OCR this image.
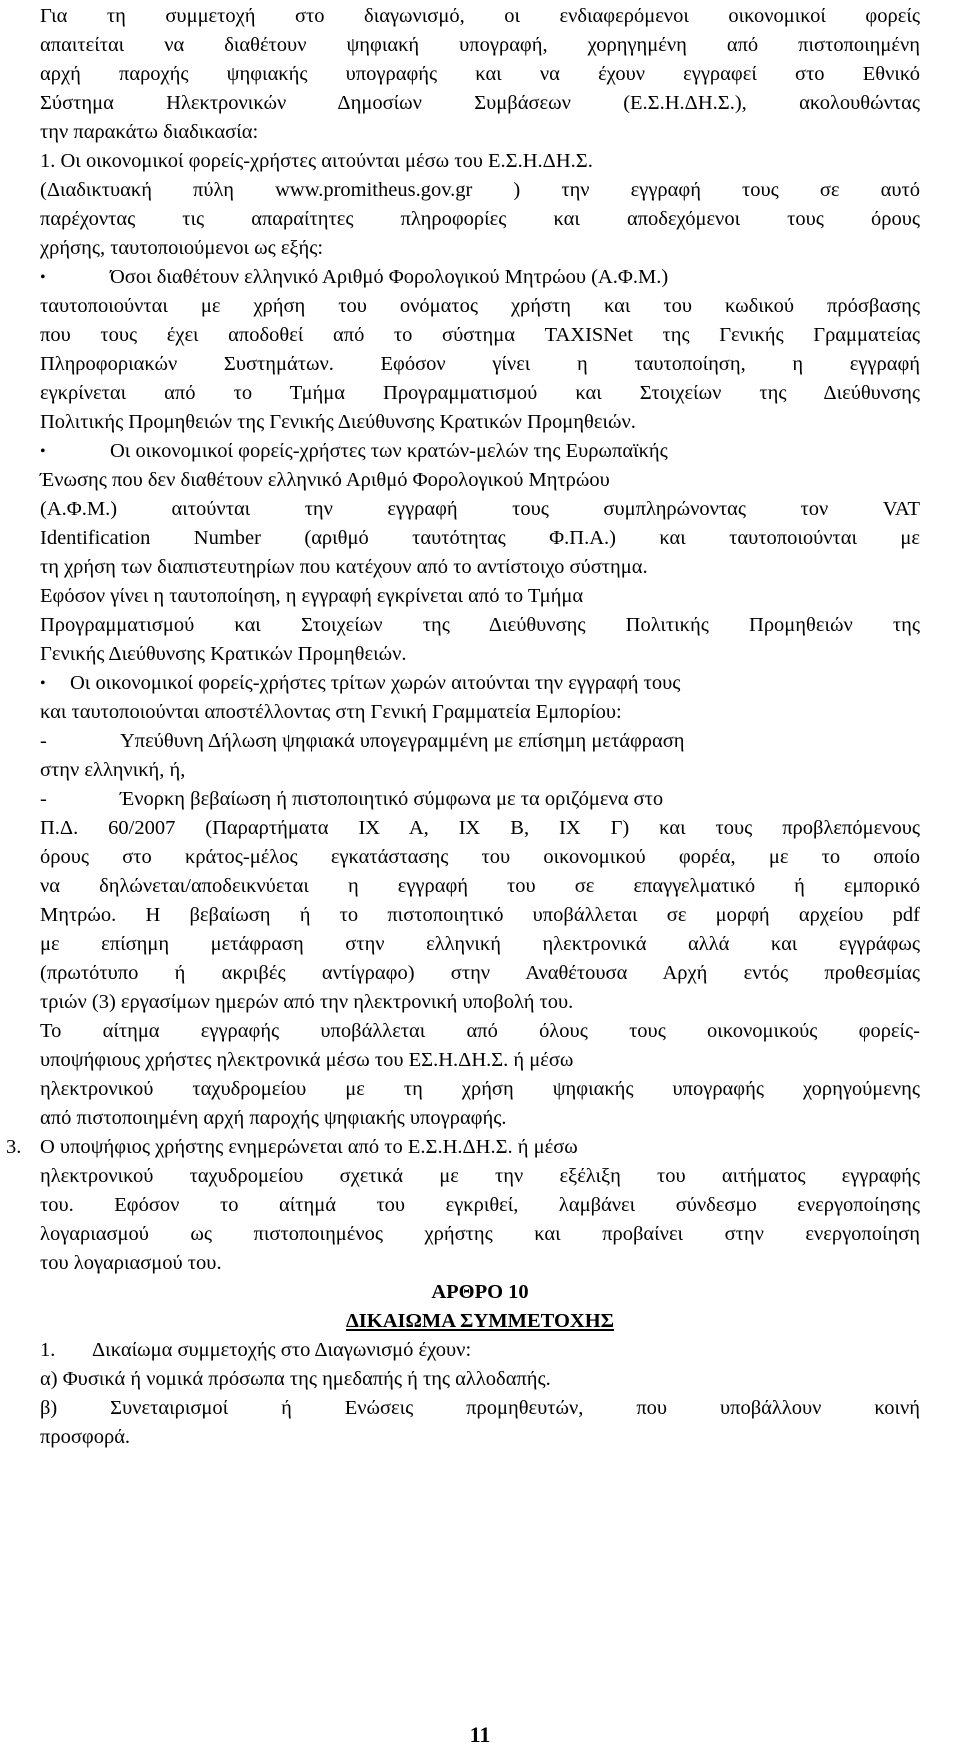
Για τη συμμετοχή στο διαγωνισμό, οι ενδιαφερόμενοι οικονομικοί φορείς
απαιτείται να διαθέτουν ψηφιακή υπογραφή, χορηγημένη από πιστοποιημένη
αρχή παροχής ψηφιακής υπογραφής και να έχουν εγγραφεί στο Εθνικό
Σύστημα Ηλεκτρονικών Δημοσίων Συμβάσεων (Ε.Σ.Η.ΔΗ.Σ.), ακολουθώντας
την παρακάτω διαδικασία:
1. Οι οικονομικοί φορείς-χρήστες αιτούνται μέσω του Ε.Σ.Η.ΔΗ.Σ.
(Διαδικτυακή πύλη www.promitheus.gov.gr ) την εγγραφή τους σε αυτό
παρέχοντας τις απαραίτητες πληροφορίες και αποδεχόμενοι τους όρους
χρήσης, ταυτοποιούμενοι ως εξής:
•	Όσοι διαθέτουν ελληνικό Αριθμό Φορολογικού Μητρώου (Α.Φ.Μ.)
ταυτοποιούνται με χρήση του ονόματος χρήστη και του κωδικού πρόσβασης
που τους έχει αποδοθεί από το σύστημα TAXISNet της Γενικής Γραμματείας
Πληροφοριακών Συστημάτων. Εφόσον γίνει η ταυτοποίηση, η εγγραφή
εγκρίνεται από το Τμήμα Προγραμματισμού και Στοιχείων της Διεύθυνσης
Πολιτικής Προμηθειών της Γενικής Διεύθυνσης Κρατικών Προμηθειών.
•	Οι οικονομικοί φορείς-χρήστες των κρατών-μελών της Ευρωπαϊκής
Ένωσης που δεν διαθέτουν ελληνικό Αριθμό Φορολογικού Μητρώου
(Α.Φ.Μ.) αιτούνται την εγγραφή τους συμπληρώνοντας τον VAT
Identification Number (αριθμό ταυτότητας Φ.Π.Α.) και ταυτοποιούνται με
τη χρήση των διαπιστευτηρίων που κατέχουν από το αντίστοιχο σύστημα.
Εφόσον γίνει η ταυτοποίηση, η εγγραφή εγκρίνεται από το Τμήμα
Προγραμματισμού και Στοιχείων της Διεύθυνσης Πολιτικής Προμηθειών της
Γενικής Διεύθυνσης Κρατικών Προμηθειών.
• Οι οικονομικοί φορείς-χρήστες τρίτων χωρών αιτούνται την εγγραφή τους
και ταυτοποιούνται αποστέλλοντας στη Γενική Γραμματεία Εμπορίου:
-	Υπεύθυνη Δήλωση ψηφιακά υπογεγραμμένη με επίσημη μετάφραση
στην ελληνική, ή,
-	Ένορκη βεβαίωση ή πιστοποιητικό σύμφωνα με τα οριζόμενα στο
Π.Δ. 60/2007 (Παραρτήματα IX A, IX B, IX Γ) και τους προβλεπόμενους
όρους στο κράτος-μέλος εγκατάστασης του οικονομικού φορέα, με το οποίο
να δηλώνεται/αποδεικνύεται η εγγραφή του σε επαγγελματικό ή εμπορικό
Μητρώο. Η βεβαίωση ή το πιστοποιητικό υποβάλλεται σε μορφή αρχείου pdf
με επίσημη μετάφραση στην ελληνική ηλεκτρονικά αλλά και εγγράφως
(πρωτότυπο ή ακριβές αντίγραφο) στην Αναθέτουσα Αρχή εντός προθεσμίας
τριών (3) εργασίμων ημερών από την ηλεκτρονική υποβολή του.
Το αίτημα εγγραφής υποβάλλεται από όλους τους οικονομικούς φορείς-
υποψήφιους χρήστες ηλεκτρονικά μέσω του ΕΣ.Η.ΔΗ.Σ. ή μέσω
ηλεκτρονικού ταχυδρομείου με τη χρήση ψηφιακής υπογραφής χορηγούμενης
από πιστοποιημένη αρχή παροχής ψηφιακής υπογραφής.
3. Ο υποψήφιος χρήστης ενημερώνεται από το Ε.Σ.Η.ΔΗ.Σ. ή μέσω
ηλεκτρονικού ταχυδρομείου σχετικά με την εξέλιξη του αιτήματος εγγραφής
του. Εφόσον το αίτημά του εγκριθεί, λαμβάνει σύνδεσμο ενεργοποίησης
λογαριασμού ως πιστοποιημένος χρήστης και προβαίνει στην ενεργοποίηση
του λογαριασμού του.
ΑΡΘΡΟ 10
ΔΙΚΑΙΩΜΑ ΣΥΜΜΕΤΟΧΗΣ
1. Δικαίωμα συμμετοχής στο Διαγωνισμό έχουν:
α) Φυσικά ή νομικά πρόσωπα της ημεδαπής ή της αλλοδαπής.
β) Συνεταιρισμοί ή Ενώσεις προμηθευτών, που υποβάλλουν κοινή
προσφορά.
11
